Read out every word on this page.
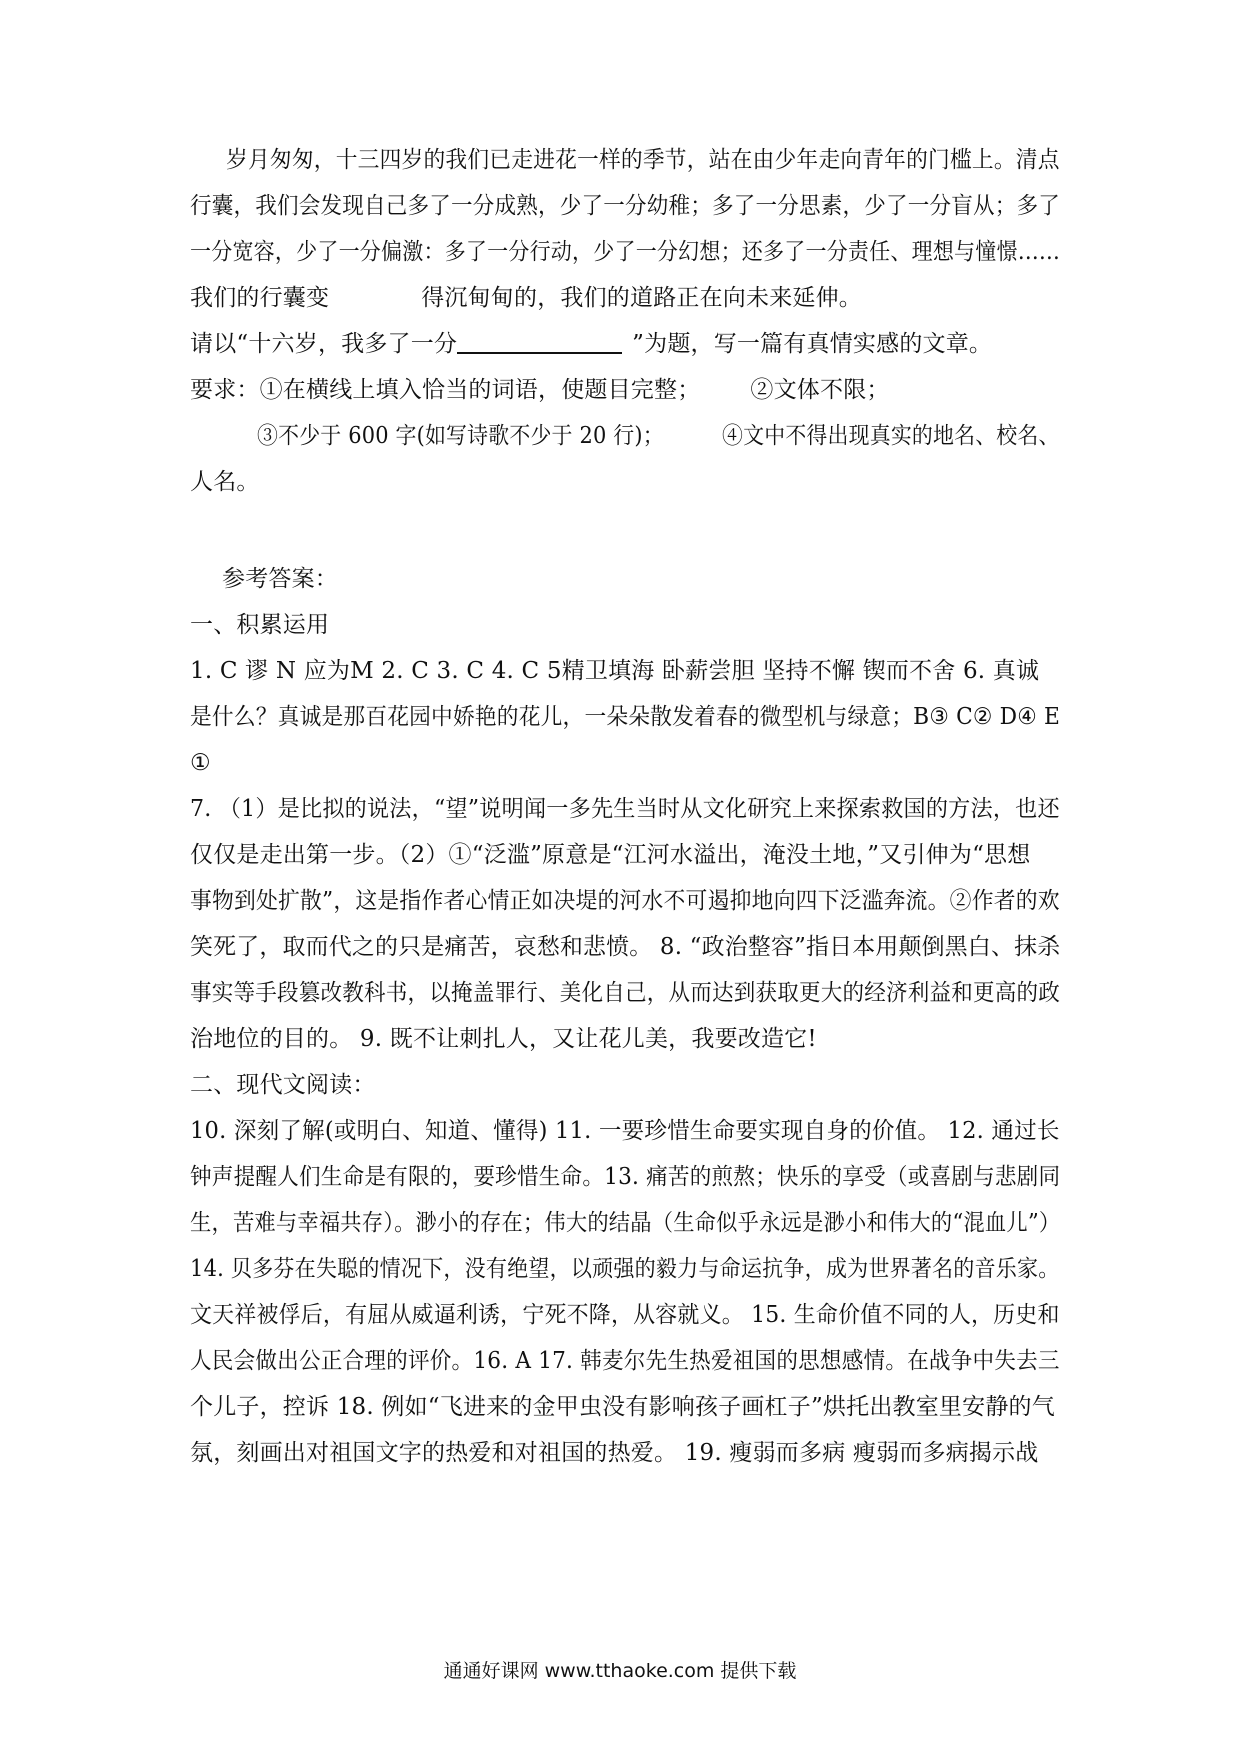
岁月匆匆，十三四岁的我们已走进花一样的季节，站在由少年走向青年的门槛上。清点
行囊，我们会发现自己多了一分成熟，少了一分幼稚；多了一分思素，少了一分盲从；多了
一分宽容，少了一分偏激：多了一分行动，少了一分幻想；还多了一分责任、理想与憧憬……
我们的行囊变	得沉甸甸的，我们的道路正在向未来延伸。
请以“十六岁，我多了一分	”为题，写一篇有真情实感的文章。
要求：①在横线上填入恰当的词语，使题目完整； ②文体不限；
③不少于 600 字(如写诗歌不少于 20 行)；	④文中不得出现真实的地名、校名、
人名。
参考答案：
一、积累运用
1. C 谬 N 应为M 2. C 3. C 4. C 5精卫填海 卧薪尝胆 坚持不懈 锲而不舍 6. 真诚
是什么？真诚是那百花园中娇艳的花儿，一朵朵散发着春的微型机与绿意；B③ C② D④ E
①
7. （1）是比拟的说法，“望”说明闻一多先生当时从文化研究上来探索救国的方法，也还
仅仅是走出第一步。（2）①“泛滥”原意是“江河水溢出，淹没土地，”又引伸为“思想
事物到处扩散”，这是指作者心情正如决堤的河水不可遏抑地向四下泛滥奔流。②作者的欢
笑死了，取而代之的只是痛苦，哀愁和悲愤。 8. “政治整容”指日本用颠倒黑白、抹杀
事实等手段篡改教科书，以掩盖罪行、美化自己，从而达到获取更大的经济利益和更高的政
治地位的目的。 9. 既不让刺扎人，又让花儿美，我要改造它!
二、现代文阅读：
10. 深刻了解(或明白、知道、懂得) 11. 一要珍惜生命要实现自身的价值。 12. 通过长
钟声提醒人们生命是有限的，要珍惜生命。13. 痛苦的煎熬；快乐的享受（或喜剧与悲剧同
生，苦难与幸福共存）。渺小的存在；伟大的结晶（生命似乎永远是渺小和伟大的“混血儿”）
14. 贝多芬在失聪的情况下，没有绝望，以顽强的毅力与命运抗争，成为世界著名的音乐家。
文天祥被俘后，有屈从威逼利诱，宁死不降，从容就义。 15. 生命价值不同的人，历史和
人民会做出公正合理的评价。16. A 17. 韩麦尔先生热爱祖国的思想感情。在战争中失去三
个儿子，控诉 18. 例如“飞进来的金甲虫没有影响孩子画杠子”烘托出教室里安静的气
氛，刻画出对祖国文字的热爱和对祖国的热爱。 19. 瘦弱而多病 瘦弱而多病揭示战
通通好课网 www.tthaoke.com 提供下载
